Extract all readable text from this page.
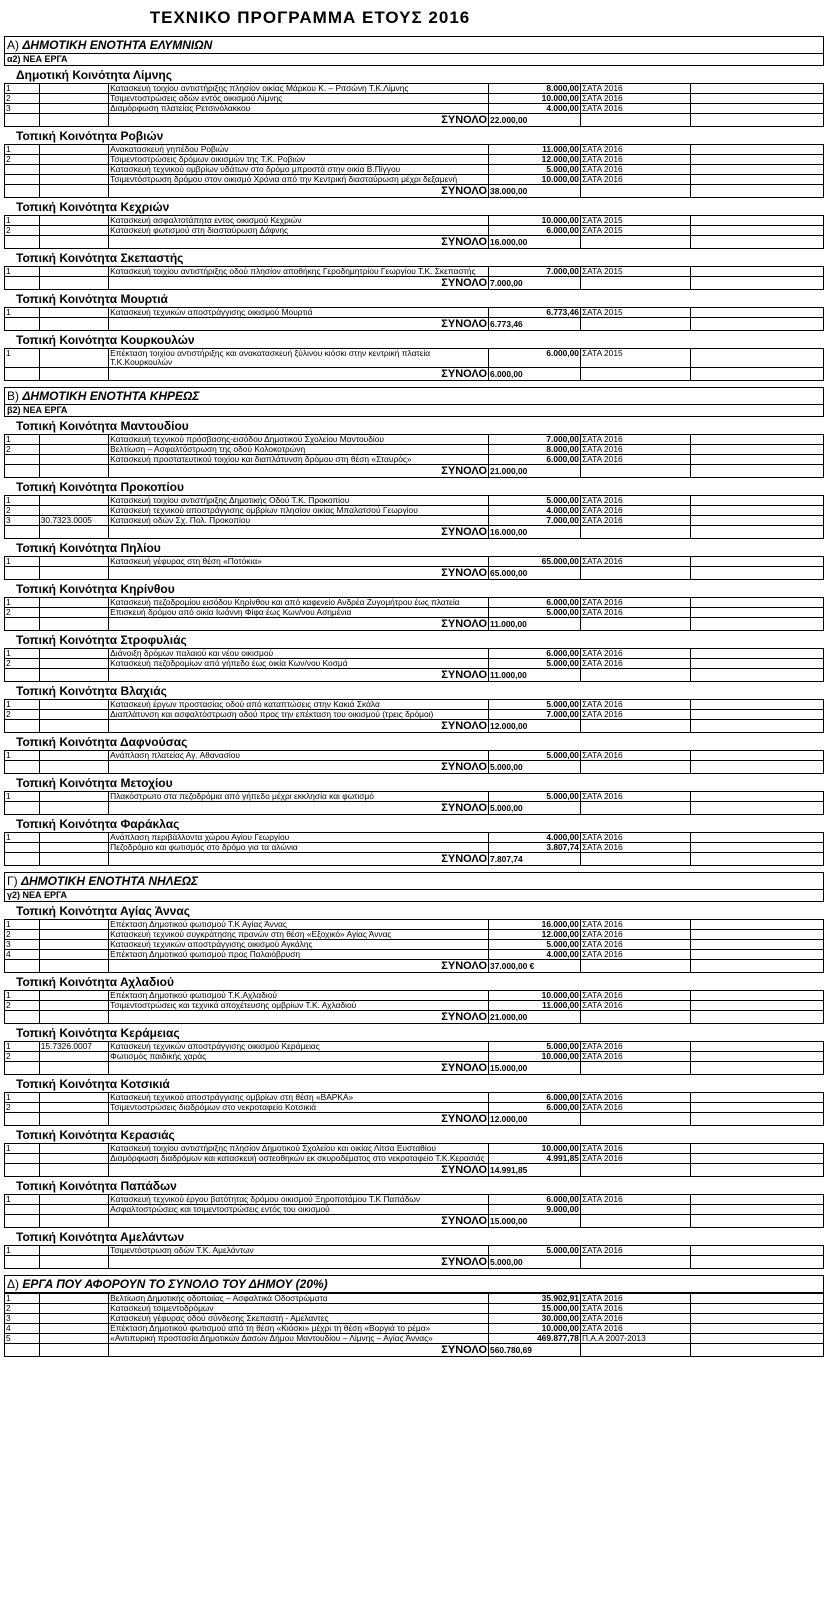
ΤΕΧΝΙΚΟ ΠΡΟΓΡΑΜΜΑ ΕΤΟΥΣ 2016
Α) ΔΗΜΟΤΙΚΗ ΕΝΟΤΗΤΑ ΕΛΥΜΝΙΩΝ
α2) ΝΕΑ ΕΡΓΑ
Δημοτική Κοινότητα Λίμνης
1		Κατασκευή τοιχίου αντιστήριξης πλησίον οικίας Μάρκου Κ. – Ριτσώνη Τ.Κ.Λίμνης	8.000,00	ΣΑΤΑ 2016	
2		Τσιμεντοστρώσεις οδών εντός οικισμού Λίμνης	10.000,00	ΣΑΤΑ 2016	
3		Διαμόρφωση πλατείας Ρετσινόλακκου	4.000,00	ΣΑΤΑ 2016	
		ΣΥΝΟΛΟ	22.000,00		
Τοπική Κοινότητα Ροβιών
1		Ανακατασκευή γηπέδου Ροβιών	11.000,00	ΣΑΤΑ 2016	
2		Τσιμεντοστρώσεις δρόμων οικισμών της Τ.Κ. Ροβιών	12.000,00	ΣΑΤΑ 2016	
		Κατασκευή τεχνικού ομβρίων υδάτων στο δρόμο μπροστά στην οικία Β.Πίγγου	5.000,00	ΣΑΤΑ 2016	
		Τσιμεντόστρωση δρόμου στον οικισμό Χρόνια από την Κεντρική διασταύρωση μέχρι δεξαμενή	10.000,00	ΣΑΤΑ 2016	
		ΣΥΝΟΛΟ	38.000,00		
Τοπική Κοινότητα Κεχριών
1		Κατασκευή ασφαλτοτάπητα εντος οικισμού Κεχριών	10.000,00	ΣΑΤΑ 2015	
2		Κατασκευή φωτισμού στη διασταύρωση Δάφνης	6.000,00	ΣΑΤΑ 2015	
		ΣΥΝΟΛΟ	16.000,00		
Τοπική Κοινότητα Σκεπαστής
1		Κατασκευή τοιχίου αντιστήριξης οδού πλησίον αποθήκης Γεροδημητρίου Γεωργίου Τ.Κ. Σκεπαστής	7.000,00	ΣΑΤΑ 2015	
		ΣΥΝΟΛΟ	7.000,00		
Τοπική Κοινότητα Μουρτιά
1		Κατασκευή τεχνικών αποστράγγισης οικισμού Μουρτιά	6.773,46	ΣΑΤΑ 2015	
		ΣΥΝΟΛΟ	6.773,46		
Τοπική Κοινότητα Κουρκουλών
1		Επέκταση τοιχίου αντιστήριξης και ανακατασκευή ξύλινου κιόσκι στην κεντρική πλατεία Τ.Κ.Κουρκουλών	6.000,00	ΣΑΤΑ 2015	
		ΣΥΝΟΛΟ	6.000,00		
Β) ΔΗΜΟΤΙΚΗ ΕΝΟΤΗΤΑ ΚΗΡΕΩΣ
β2) ΝΕΑ ΕΡΓΑ
Τοπική Κοινότητα Μαντουδίου
1		Κατασκευή τεχνικού πρόσβασης-εισόδου Δημοτικού Σχολείου Μαντουδίου	7.000,00	ΣΑΤΑ 2016	
2		Βελτίωση – Ασφαλτόστρωση της οδού Κολοκοτρώνη	8.000,00	ΣΑΤΑ 2016	
		Κατασκευή προστατευτικού τοιχίου και διαπλάτυνση δρόμου στη θέση «Σταυρός»	6.000,00	ΣΑΤΑ 2016	
		ΣΥΝΟΛΟ	21.000,00		
Τοπική Κοινότητα Προκοπίου
1		Κατασκευή τοιχίου αντιστήριξης Δημοτικής Οδού Τ.Κ. Προκοπίου	5.000,00	ΣΑΤΑ 2016	
2		Κατασκευή τεχνικού αποστράγγισης ομβρίων πλησίον οικίας Μπαλατσού Γεωργίου	4.000,00	ΣΑΤΑ 2016	
3	30.7323.0005	Κατασκευή οδών Σχ. Πολ. Προκοπίου	7.000,00	ΣΑΤΑ 2016	
		ΣΥΝΟΛΟ	16.000,00		
Τοπική Κοινότητα Πηλίου
1		Κατασκευή γέφυρας στη θέση «Ποτόκια»	65.000,00	ΣΑΤΑ 2016	
		ΣΥΝΟΛΟ	65.000,00		
Τοπική Κοινότητα Κηρίνθου
1		Κατασκευή πεζοδρομίου εισόδου Κηρίνθου και από καφενείο Ανδρέα Ζυγομήτρου έως πλατεία	6.000,00	ΣΑΤΑ 2016	
2		Επισκευή δρόμου από οικία Ιωάννη Φίφα έως Κων/νου Ασημένια	5.000,00	ΣΑΤΑ 2016	
		ΣΥΝΟΛΟ	11.000,00		
Τοπική Κοινότητα Στροφυλιάς
1		Διάνοιξη δρόμων παλαιού και νέου οικισμού	6.000,00	ΣΑΤΑ 2016	
2		Κατασκευή πεζοδρομίων από γήπεδο έως οικία Κων/νου Κοσμά	5.000,00	ΣΑΤΑ 2016	
		ΣΥΝΟΛΟ	11.000,00		
Τοπική Κοινότητα Βλαχιάς
1		Κατασκευή έργων προστασίας οδού από καταπτώσεις στην Κακιά Σκάλα	5.000,00	ΣΑΤΑ 2016	
2		Διαπλάτυνση και ασφαλτόστρωση οδού προς την επέκταση του οικισμού (τρεις δρόμοι)	7.000,00	ΣΑΤΑ 2016	
		ΣΥΝΟΛΟ	12.000,00		
Τοπική Κοινότητα Δαφνούσας
1		Ανάπλαση πλατείας Αγ. Αθανασίου	5.000,00	ΣΑΤΑ 2016	
		ΣΥΝΟΛΟ	5.000,00		
Τοπική Κοινότητα Μετοχίου
1		Πλακόστρωτο στα πεζοδρόμια από γήπεδο μέχρι εκκλησία και φωτισμό	5.000,00	ΣΑΤΑ 2016	
		ΣΥΝΟΛΟ	5.000,00		
Τοπική Κοινότητα Φαράκλας
1		Ανάπλαση περιβάλλοντα χώρου Αγίου Γεωργίου	4.000,00	ΣΑΤΑ 2016	
		Πεζοδρόμιο και φωτισμός στο δρόμο για τα αλώνια	3.807,74	ΣΑΤΑ 2016	
		ΣΥΝΟΛΟ	7.807,74		
Γ) ΔΗΜΟΤΙΚΗ ΕΝΟΤΗΤΑ ΝΗΛΕΩΣ
γ2) ΝΕΑ ΕΡΓΑ
Τοπική Κοινότητα Αγίας Άννας
1		Επέκταση Δημοτικού φωτισμού Τ.Κ Αγίας Άννας	16.000,00	ΣΑΤΑ 2016	
2		Κατασκευή τεχνικού συγκράτησης πρανών στη θέση «Εξοχικό» Αγίας Άννας	12.000,00	ΣΑΤΑ 2016	
3		Κατασκευή τεχνικών αποστράγγισης οικισμού Αγκάλης	5.000,00	ΣΑΤΑ 2016	
4		Επέκταση Δημοτικού φωτισμού προς Παλαιόβρυση	4.000,00	ΣΑΤΑ 2016	
		ΣΥΝΟΛΟ	37.000,00 €		
Τοπική Κοινότητα Αχλαδιού
1		Επέκταση Δημοτικού φωτισμού Τ.Κ.Αχλαδιού	10.000,00	ΣΑΤΑ 2016	
2		Τσιμεντοστρώσεις και τεχνικά αποχέτευσης ομβρίων Τ.Κ. Αχλαδιού	11.000,00	ΣΑΤΑ 2016	
		ΣΥΝΟΛΟ	21.000,00		
Τοπική Κοινότητα Κεράμειας
1	15.7326.0007	Κατασκευή τεχνικών αποστράγγισης οικισμού Κεράμειας	5.000,00	ΣΑΤΑ 2016	
2		Φωτισμός παιδικής χαράς	10.000,00	ΣΑΤΑ 2016	
		ΣΥΝΟΛΟ	15.000,00		
Τοπική Κοινότητα Κοτσικιά
1		Κατασκευή τεχνικού αποστράγγισης ομβρίων στη θέση «ΒΑΡΚΑ»	6.000,00	ΣΑΤΑ 2016	
2		Τσιμεντοστρώσεις διαδρόμων στο νεκροταφείο Κοτσικιά	6.000,00	ΣΑΤΑ 2016	
		ΣΥΝΟΛΟ	12.000,00		
Τοπική Κοινότητα Κερασιάς
1		Κατασκευή τοιχίου αντιστήριξης πλησίον Δημοτικού Σχολείου και οικίας Λίτσα Ευσταθίου	10.000,00	ΣΑΤΑ 2016	
		Διαμόρφωση διαδρόμων και κατασκευή οστεοθηκών εκ σκυροδέματος στο νεκροταφείο Τ.Κ.Κερασιάς	4.991,85	ΣΑΤΑ 2016	
		ΣΥΝΟΛΟ	14.991,85		
Τοπική Κοινότητα Παπάδων
1		Κατασκευή τεχνικού έργου βατότητας δρόμου οικισμού Ξηροποτάμου Τ.Κ Παπάδων	6.000,00	ΣΑΤΑ 2016	
		Ασφαλτοστρώσεις και τσιμεντοστρώσεις εντός του οικισμού	9.000,00		
		ΣΥΝΟΛΟ	15.000,00		
Τοπική Κοινότητα Αμελάντων
1		Τσιμεντόστρωση οδών Τ.Κ. Αμελάντων	5.000,00	ΣΑΤΑ 2016	
		ΣΥΝΟΛΟ	5.000,00		
Δ) ΕΡΓΑ ΠΟΥ ΑΦΟΡΟΥΝ ΤΟ ΣΥΝΟΛΟ ΤΟΥ ΔΗΜΟΥ (20%)
1		Βελτίωση Δημοτικής οδοποιίας – Ασφαλτικά Οδοστρώματα	35.902,91	ΣΑΤΑ 2016	
2		Κατασκευή τσιμεντοδρόμων	15.000,00	ΣΑΤΑ 2016	
3		Κατασκευή γέφυρας οδού σύνδεσης Σκεπαστή - Αμελαντες	30.000,00	ΣΑΤΑ 2016	
4		Επέκταση Δημοτικού φωτισμού από τη θέση «Κιόσκι» μέχρι τη θέση «Βοργιά το ρέμα»	10.000,00	ΣΑΤΑ 2016	
5		«Αντιπυρική προστασία Δημοτικών Δασών Δήμου Μαντουδίου – Λίμνης – Αγίας Άννας»	469.877,78	Π.Α.Α 2007-2013	
		ΣΥΝΟΛΟ	560.780,69		
